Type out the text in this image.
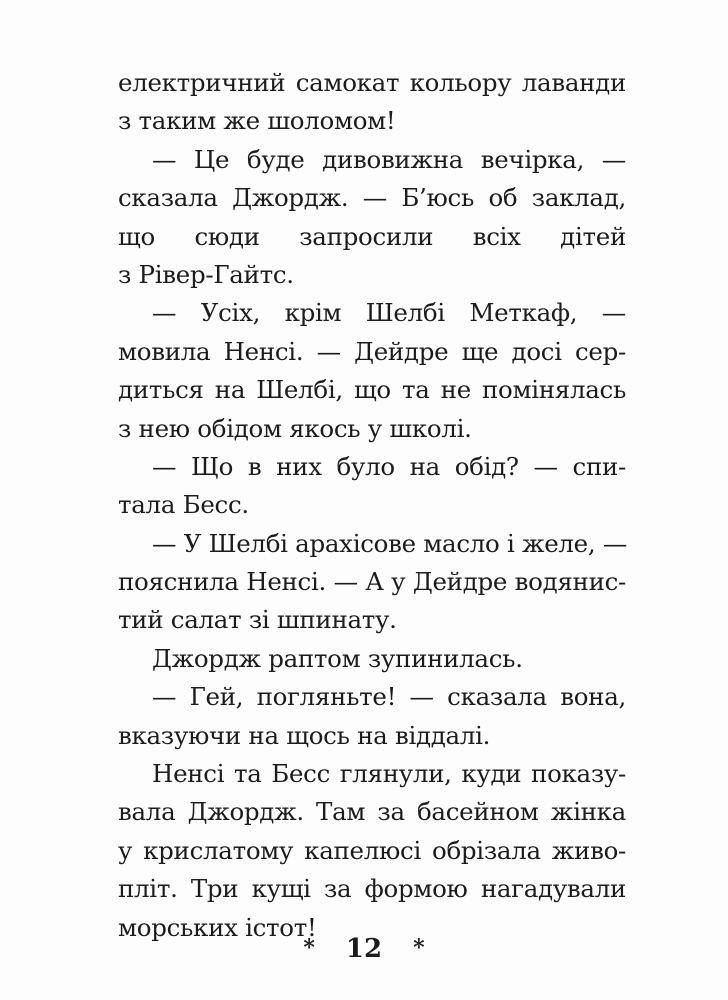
електричний самокат кольору лаванди
з таким же шоломом!
— Це буде дивовижна вечірка, —
сказала Джордж. — Б’юсь об заклад,
що сюди запросили всіх дітей
з Рівер-Гайтс.
— Усіх, крім Шелбі Меткаф, —
мовила Ненсі. — Дейдре ще досі сер-
диться на Шелбі, що та не помінялась
з нею обідом якось у школі.
— Що в них було на обід? — спи-
тала Бесс.
— У Шелбі арахісове масло і желе, —
пояснила Ненсі. — А у Дейдре водянис-
тий салат зі шпинату.
Джордж раптом зупинилась.
— Гей, погляньте! — сказала вона,
вказуючи на щось на віддалі.
Ненсі та Бесс глянули, куди показу-
вала Джордж. Там за басейном жінка
у крислатому капелюсі обрізала живо-
пліт. Три кущі за формою нагадували
морських істот!
* 12 *
